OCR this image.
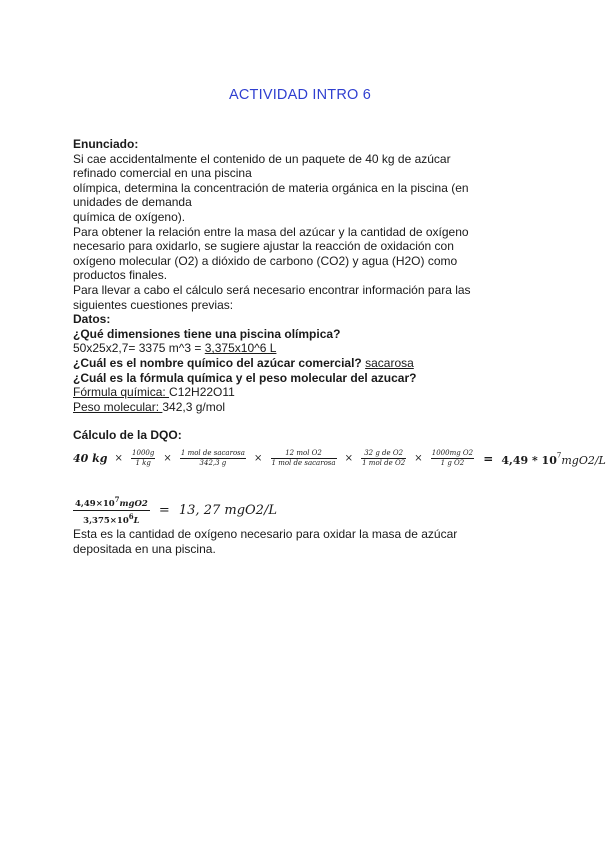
ACTIVIDAD INTRO 6
Enunciado:
Si cae accidentalmente el contenido de un paquete de 40 kg de azúcar
refinado comercial en una piscina
olímpica, determina la concentración de materia orgánica en la piscina (en
unidades de demanda
química de oxígeno).
Para obtener la relación entre la masa del azúcar y la cantidad de oxígeno
necesario para oxidarlo, se sugiere ajustar la reacción de oxidación con
oxígeno molecular (O2) a dióxido de carbono (CO2) y agua (H2O) como
productos finales.
Para llevar a cabo el cálculo será necesario encontrar información para las
siguientes cuestiones previas:
Datos:
¿Qué dimensiones tiene una piscina olímpica?
50x25x2,7= 3375 m^3 = 3,375x10^6 L
¿Cuál es el nombre químico del azúcar comercial? sacarosa
¿Cuál es la fórmula química y el peso molecular del azucar?
Fórmula química: C12H22O11
Peso molecular: 342,3 g/mol
Cálculo de la DQO:
40 kg × $\frac{1000g}{1 kg} \times \frac{\text{1 mol de sacarosa}}{342,3 g} \times \frac{\text{12 mol O2}}{\text{1 mol de sacarosa}} \times \frac{\text{32 g de O2}}{\text{1 mol de O2}} \times \frac{\text{1000mg O2}}{\text{1 g O2}} = 4,49 * 10^7mgO2/L$
$\frac{4,49\times 10^7mgO2}{3,375\times 10^6L} = 13$, 27 mgO2/L
Esta es la cantidad de oxígeno necesario para oxidar la masa de azúcar
depositada en una piscina.
